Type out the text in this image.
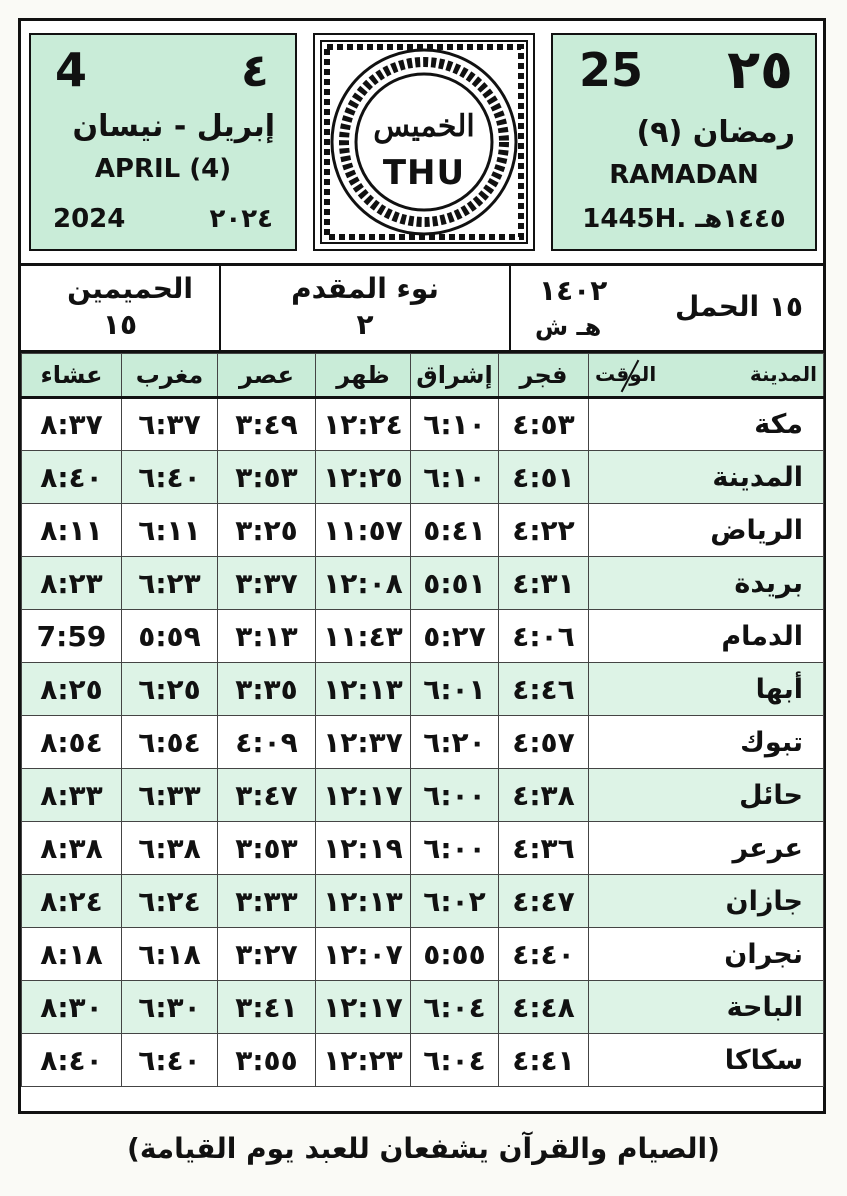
4	٤
إبريل - نيسان
APRIL (4)
2024	٢٠٢٤
الخميس
THU
25 ٢٥
رمضان (٩)
RAMADAN
1445H. ١٤٤٥هـ
الحميمين
١٥
نوء المقدم
٢
١٤٠٢
هـ ش
١٥ الحمل
عشاء	مغرب	عصر	ظهر	إشراق	فجر	المدينة
الوقت

٨:٣٧	٦:٣٧	٣:٤٩	١٢:٢٤	٦:١٠	٤:٥٣	مكة
٨:٤٠	٦:٤٠	٣:٥٣	١٢:٢٥	٦:١٠	٤:٥١	المدينة
٨:١١	٦:١١	٣:٢٥	١١:٥٧	٥:٤١	٤:٢٢	الرياض
٨:٢٣	٦:٢٣	٣:٣٧	١٢:٠٨	٥:٥١	٤:٣١	بريدة
7:59	٥:٥٩	٣:١٣	١١:٤٣	٥:٢٧	٤:٠٦	الدمام
٨:٢٥	٦:٢٥	٣:٣٥	١٢:١٣	٦:٠١	٤:٤٦	أبها
٨:٥٤	٦:٥٤	٤:٠٩	١٢:٣٧	٦:٢٠	٤:٥٧	تبوك
٨:٣٣	٦:٣٣	٣:٤٧	١٢:١٧	٦:٠٠	٤:٣٨	حائل
٨:٣٨	٦:٣٨	٣:٥٣	١٢:١٩	٦:٠٠	٤:٣٦	عرعر
٨:٢٤	٦:٢٤	٣:٣٣	١٢:١٣	٦:٠٢	٤:٤٧	جازان
٨:١٨	٦:١٨	٣:٢٧	١٢:٠٧	٥:٥٥	٤:٤٠	نجران
٨:٣٠	٦:٣٠	٣:٤١	١٢:١٧	٦:٠٤	٤:٤٨	الباحة
٨:٤٠	٦:٤٠	٣:٥٥	١٢:٢٣	٦:٠٤	٤:٤١	سكاكا
(الصيام والقرآن يشفعان للعبد يوم القيامة)
